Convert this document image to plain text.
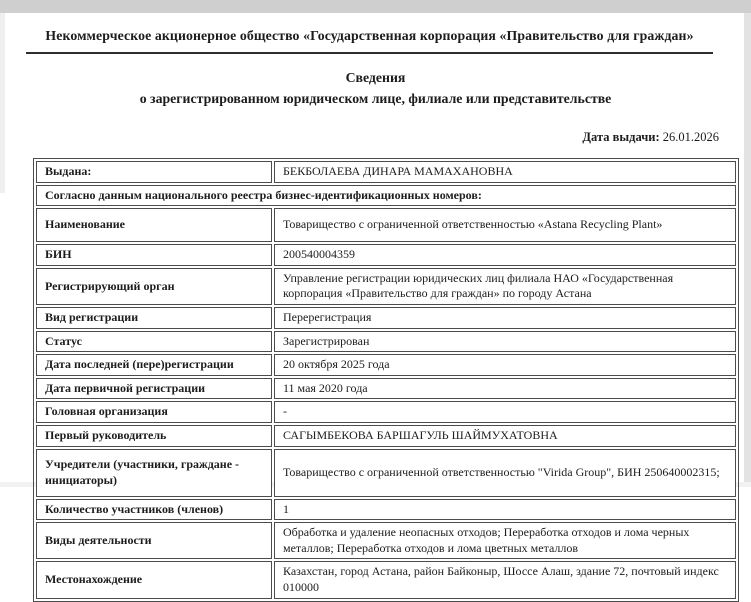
Некоммерческое акционерное общество «Государственная корпорация «Правительство для граждан»
Сведения
о зарегистрированном юридическом лице, филиале или представительстве
Дата выдачи: 26.01.2026
Выдана:	БЕКБОЛАЕВА ДИНАРА МАМАХАНОВНА
Согласно данным национального реестра бизнес-идентификационных номеров:	
Наименование	Товарищество с ограниченной ответственностью «Astana Recycling Plant»
БИН	200540004359
Регистрирующий орган	Управление регистрации юридических лиц филиала НАО «Государственная корпорация «Правительство для граждан» по городу Астана
Вид регистрации	Перерегистрация
Статус	Зарегистрирован
Дата последней (пере)регистрации	20 октября 2025 года
Дата первичной регистрации	11 мая 2020 года
Головная организация	-
Первый руководитель	САГЫМБЕКОВА БАРШАГУЛЬ ШАЙМУХАТОВНА
Учредители (участники, граждане - инициаторы)	Товарищество с ограниченной ответственностью "Virida Group", БИН 250640002315;
Количество участников (членов)	1
Виды деятельности	Обработка и удаление неопасных отходов; Переработка отходов и лома черных металлов; Переработка отходов и лома цветных металлов
Местонахождение	Казахстан, город Астана, район Байконыр, Шоссе Алаш, здание 72, почтовый индекс 010000
